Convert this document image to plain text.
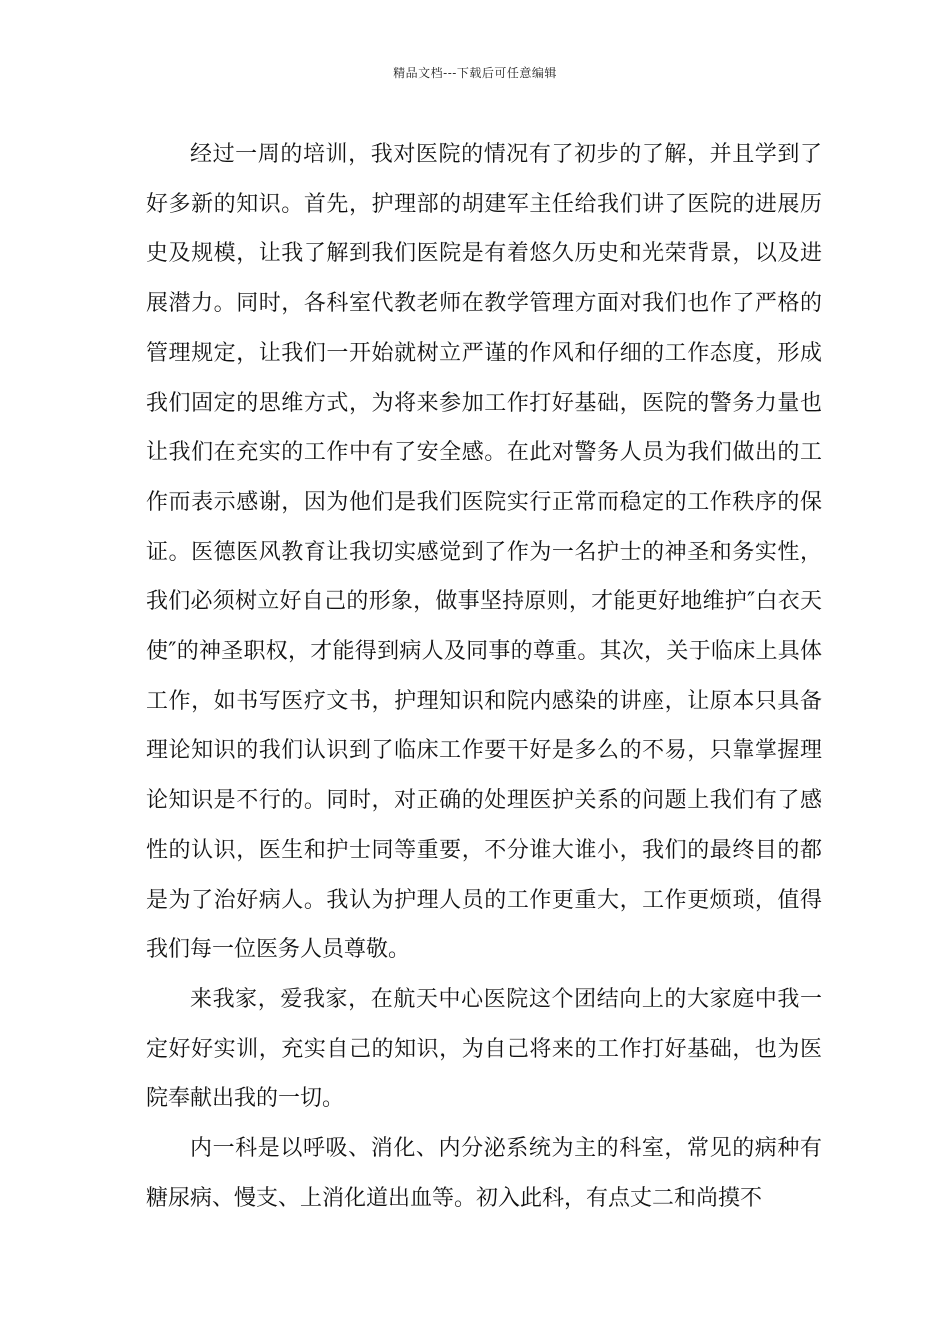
精品文档---下载后可任意编辑

经过一周的培训，我对医院的情况有了初步的了解，并且学到了好多新的知识。首先，护理部的胡建军主任给我们讲了医院的进展历史及规模，让我了解到我们医院是有着悠久历史和光荣背景，以及进展潜力。同时，各科室代教老师在教学管理方面对我们也作了严格的管理规定，让我们一开始就树立严谨的作风和仔细的工作态度，形成我们固定的思维方式，为将来参加工作打好基础，医院的警务力量也让我们在充实的工作中有了安全感。在此对警务人员为我们做出的工作而表示感谢，因为他们是我们医院实行正常而稳定的工作秩序的保证。医德医风教育让我切实感觉到了作为一名护士的神圣和务实性，我们必须树立好自己的形象，做事坚持原则，才能更好地维护″白衣天使″的神圣职权，才能得到病人及同事的尊重。其次，关于临床上具体工作，如书写医疗文书，护理知识和院内感染的讲座，让原本只具备理论知识的我们认识到了临床工作要干好是多么的不易，只靠掌握理论知识是不行的。同时，对正确的处理医护关系的问题上我们有了感性的认识，医生和护士同等重要，不分谁大谁小，我们的最终目的都是为了治好病人。我认为护理人员的工作更重大，工作更烦琐，值得我们每一位医务人员尊敬。

来我家，爱我家，在航天中心医院这个团结向上的大家庭中我一定好好实训，充实自己的知识，为自己将来的工作打好基础，也为医院奉献出我的一切。

内一科是以呼吸、消化、内分泌系统为主的科室，常见的病种有糖尿病、慢支、上消化道出血等。初入此科，有点丈二和尚摸不
